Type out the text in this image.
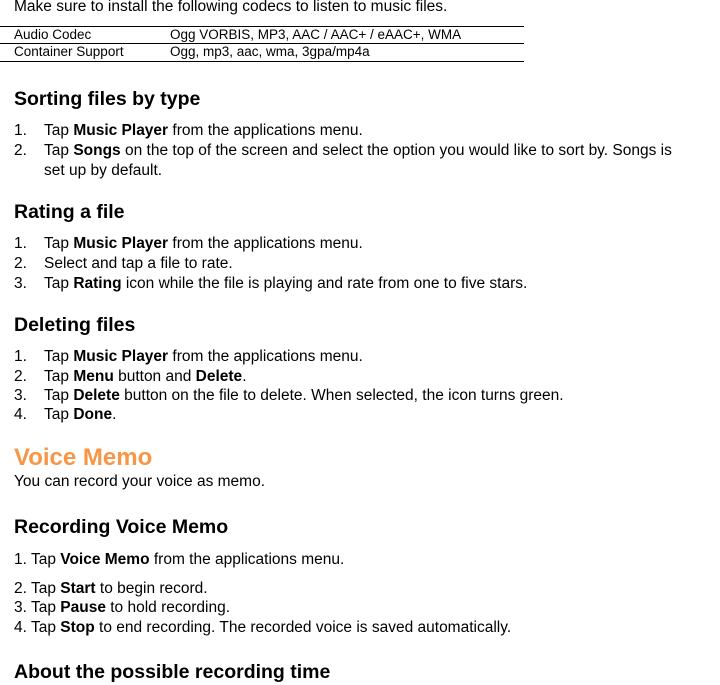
Make sure to install the following codecs to listen to music files.
Audio Codec	Ogg VORBIS, MP3, AAC / AAC+ / eAAC+, WMA
Container Support	Ogg, mp3, aac, wma, 3gpa/mp4a
Sorting files by type
1. Tap Music Player from the applications menu.
2. Tap Songs on the top of the screen and select the option you would like to sort by. Songs is
set up by default.
Rating a file
1. Tap Music Player from the applications menu.
2. Select and tap a file to rate.
3. Tap Rating icon while the file is playing and rate from one to five stars.
Deleting files
1. Tap Music Player from the applications menu.
2. Tap Menu button and Delete.
3. Tap Delete button on the file to delete. When selected, the icon turns green.
4. Tap Done.
Voice Memo
You can record your voice as memo.
Recording Voice Memo
1. Tap Voice Memo from the applications menu.
2. Tap Start to begin record.
3. Tap Pause to hold recording.
4. Tap Stop to end recording. The recorded voice is saved automatically.
About the possible recording time
